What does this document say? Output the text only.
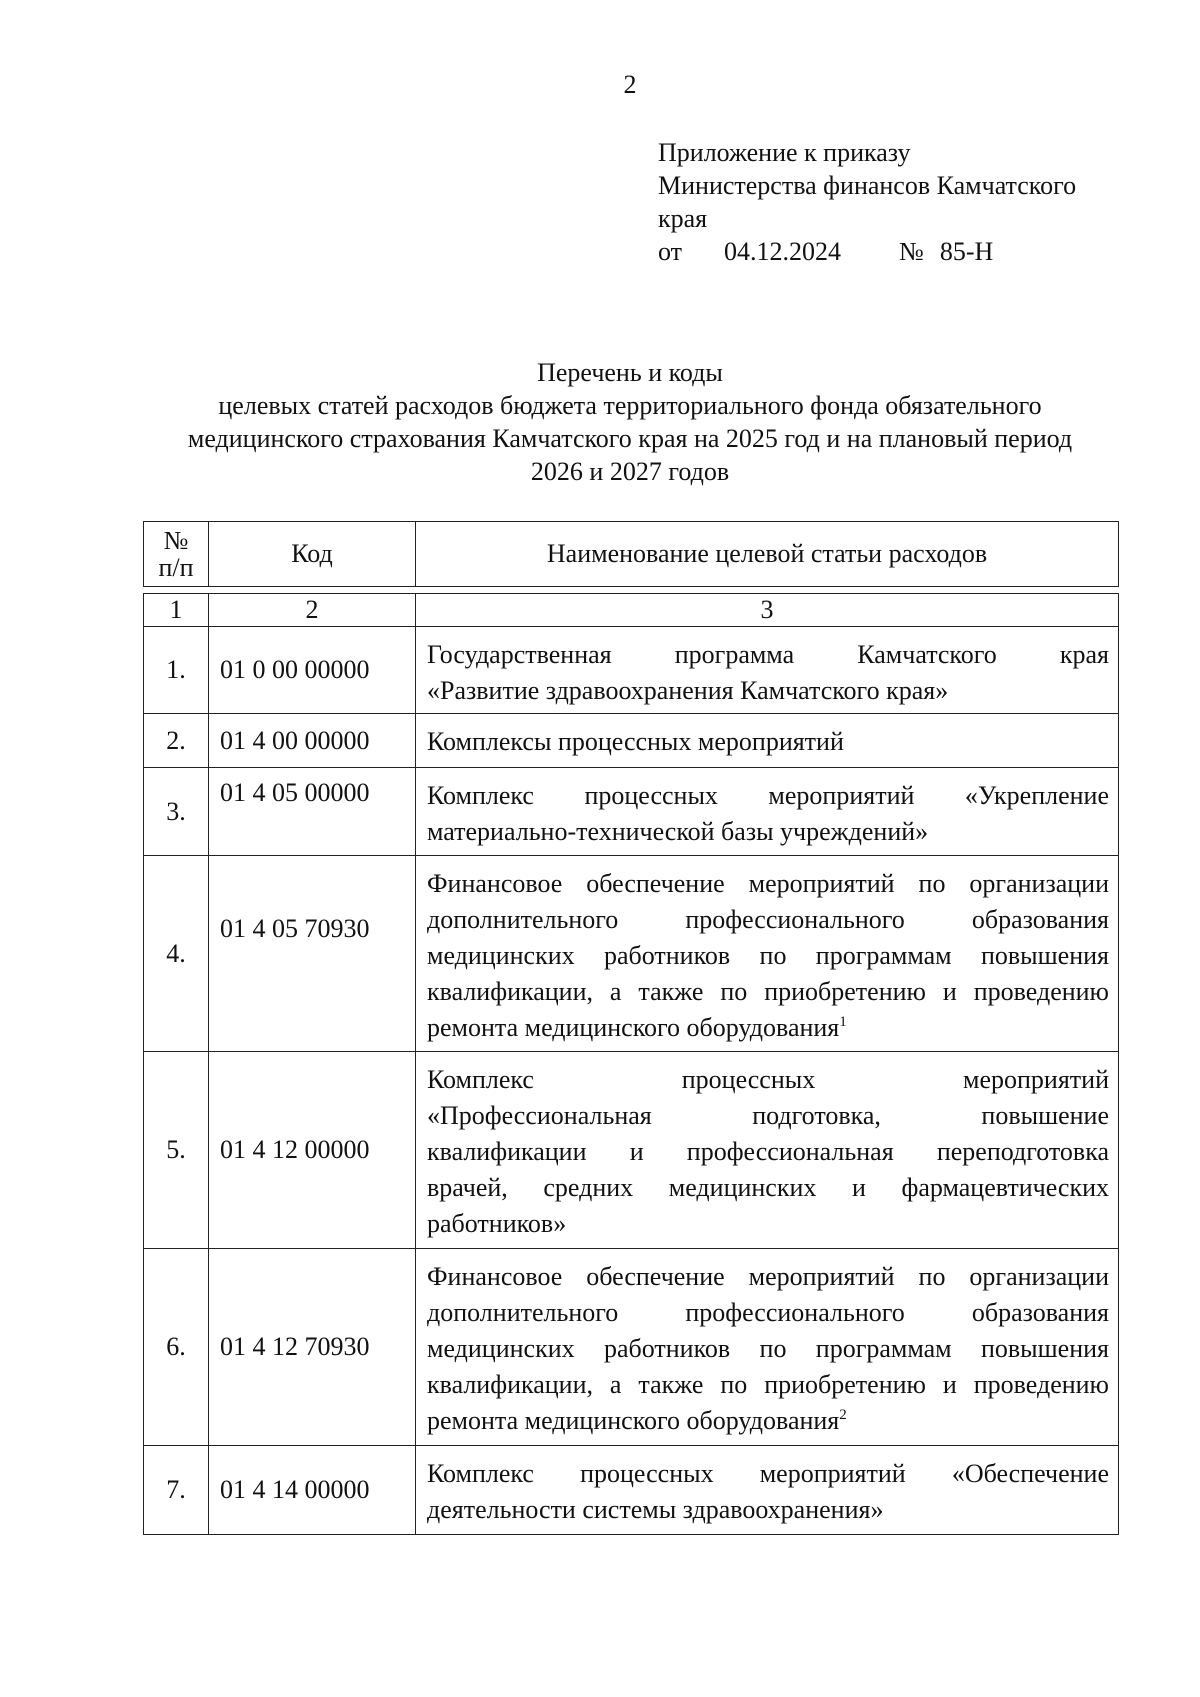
2
Приложение к приказу
Министерства финансов Камчатского
края
от 04.12.2024 № 85-Н
Перечень и коды
целевых статей расходов бюджета территориального фонда обязательного
медицинского страхования Камчатского края на 2025 год и на плановый период
2026 и 2027 годов
№
п/п	Код	Наименование целевой статьи расходов
1	2	3
1.	01 0 00 00000	Государственная программа Камчатского края
«Развитие здравоохранения Камчатского края»

2.	01 4 00 00000	Комплексы процессных мероприятий

3.	01 4 05 00000	Комплекс процессных мероприятий «Укрепление
материально-технической базы учреждений»

4.	01 4 05 70930	Финансовое обеспечение мероприятий по организации
дополнительного профессионального образования
медицинских работников по программам повышения
квалификации, а также по приобретению и проведению
ремонта медицинского оборудования$^1$

5.	01 4 12 00000	Комплекс процессных мероприятий
«Профессиональная подготовка, повышение
квалификации и профессиональная переподготовка
врачей, средних медицинских и фармацевтических
работников»

6.	01 4 12 70930	Финансовое обеспечение мероприятий по организации
дополнительного профессионального образования
медицинских работников по программам повышения
квалификации, а также по приобретению и проведению
ремонта медицинского оборудования$^2$

7.	01 4 14 00000	Комплекс процессных мероприятий «Обеспечение
деятельности системы здравоохранения»
